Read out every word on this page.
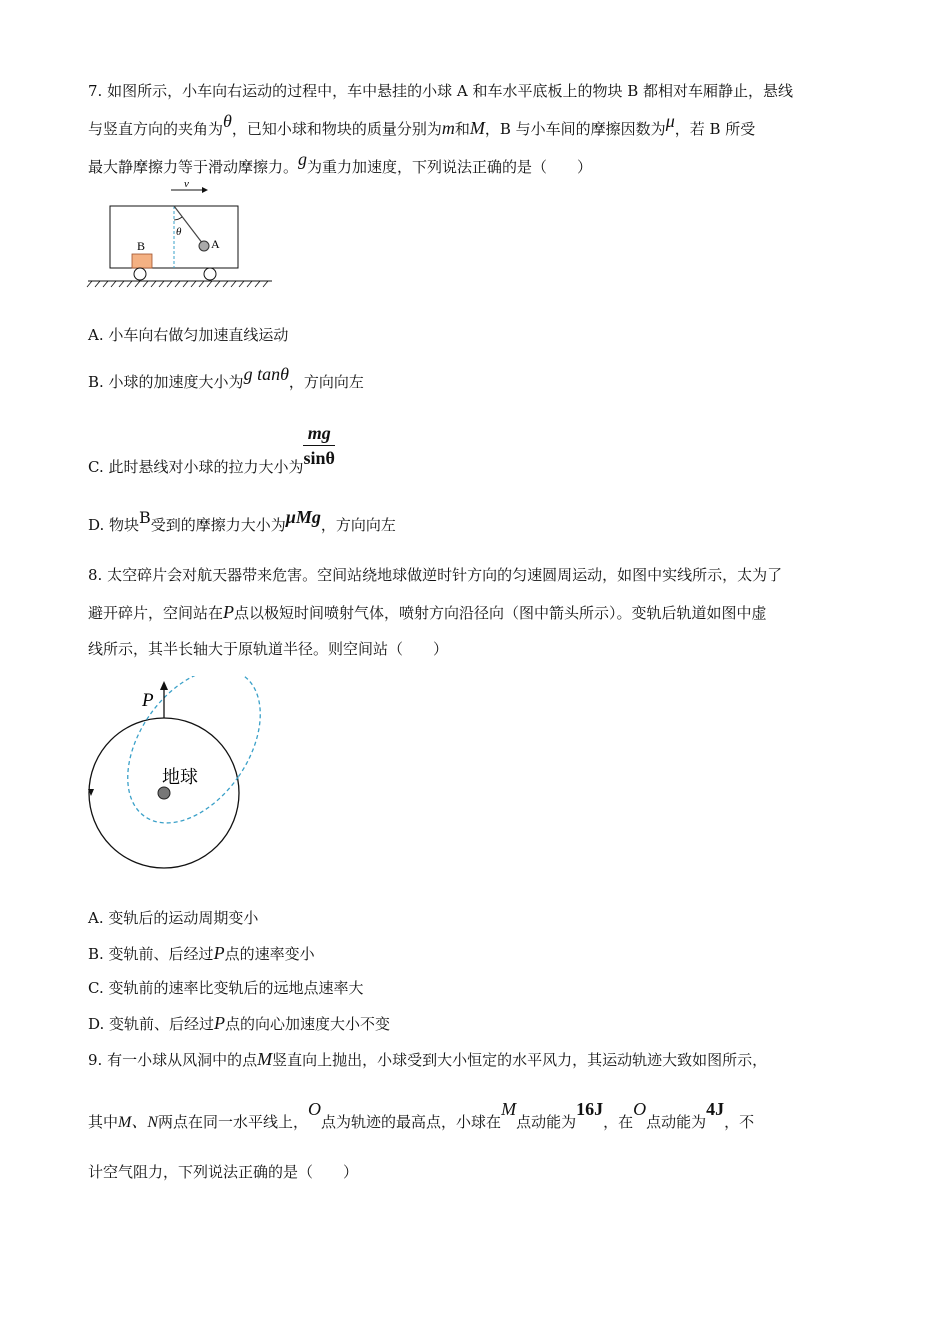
7. 如图所示，小车向右运动的过程中，车中悬挂的小球 A 和车水平底板上的物块 B 都相对车厢静止，悬线
与竖直方向的夹角为θ，已知小球和物块的质量分别为m和M，B 与小车间的摩擦因数为μ，若 B 所受
最大静摩擦力等于滑动摩擦力。g为重力加速度，下列说法正确的是（　　）
v
θ
A
B
A. 小车向右做匀加速直线运动
B. 小球的加速度大小为g tanθ，方向向左
C. 此时悬线对小球的拉力大小为 $\frac{mg}{\sin\theta}$
D. 物块B受到的摩擦力大小为μMg，方向向左
8. 太空碎片会对航天器带来危害。空间站绕地球做逆时针方向的匀速圆周运动，如图中实线所示，太为了
避开碎片，空间站在P点以极短时间喷射气体，喷射方向沿径向（图中箭头所示）。变轨后轨道如图中虚
线所示，其半长轴大于原轨道半径。则空间站（　　）
P
地球
A. 变轨后的运动周期变小
B. 变轨前、后经过P点的速率变小
C. 变轨前的速率比变轨后的远地点速率大
D. 变轨前、后经过P点的向心加速度大小不变
9. 有一小球从风洞中的点M竖直向上抛出，小球受到大小恒定的水平风力，其运动轨迹大致如图所示，
其中M、N两点在同一水平线上，O点为轨迹的最高点，小球在M点动能为16J，在O点动能为4J，不
计空气阻力，下列说法正确的是（　　）
